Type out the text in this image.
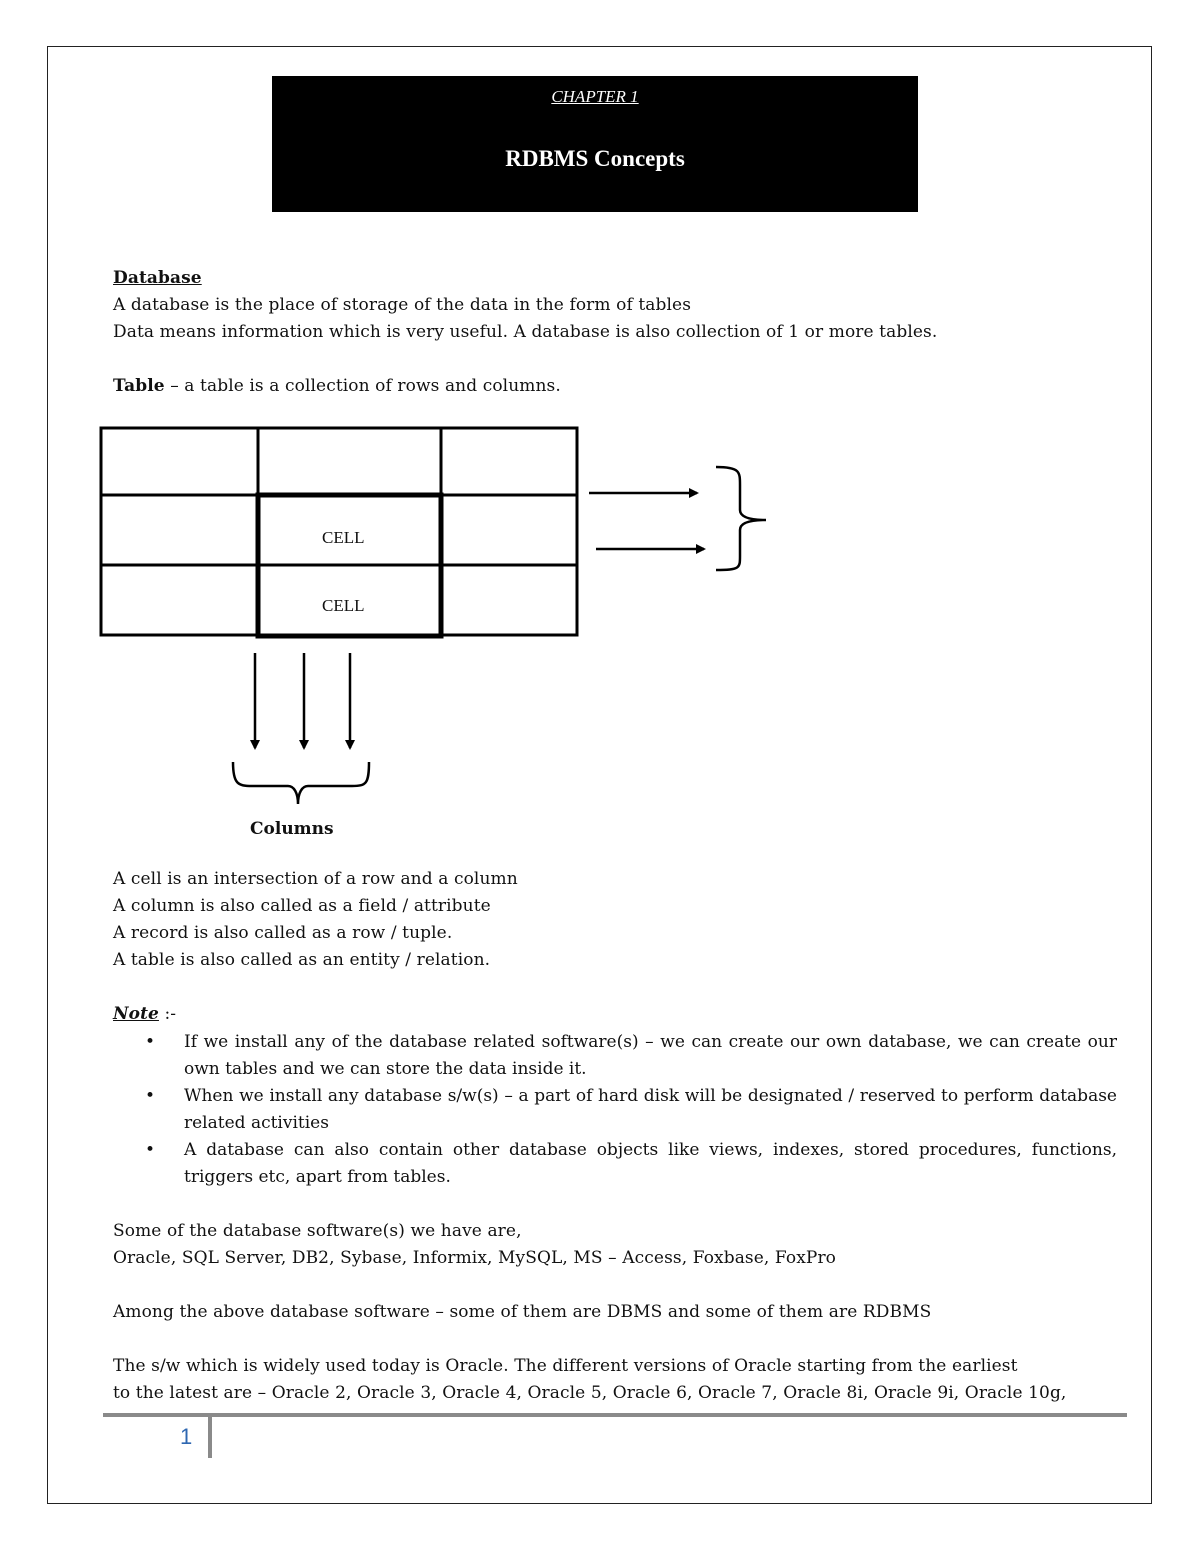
CHAPTER 1
RDBMS Concepts
Database
A database is the place of storage of the data in the form of tables
Data means information which is very useful. A database is also collection of 1 or more tables.
Table – a table is a collection of rows and columns.
CELL
CELL
Columns
A cell is an intersection of a row and a column
A column is also called as a field / attribute
A record is also called as a row / tuple.
A table is also called as an entity / relation.
Note :-
• If we install any of the database related software(s) – we can create our own database, we can create our own tables and we can store the data inside it.
• When we install any database s/w(s) – a part of hard disk will be designated / reserved to perform database related activities
• A database can also contain other database objects like views, indexes, stored procedures, functions, triggers etc, apart from tables.
Some of the database software(s) we have are,
Oracle, SQL Server, DB2, Sybase, Informix, MySQL, MS – Access, Foxbase, FoxPro
Among the above database software – some of them are DBMS and some of them are RDBMS
The s/w which is widely used today is Oracle. The different versions of Oracle starting from the earliest
to the latest are – Oracle 2, Oracle 3, Oracle 4, Oracle 5, Oracle 6, Oracle 7, Oracle 8i, Oracle 9i, Oracle 10g,
1
